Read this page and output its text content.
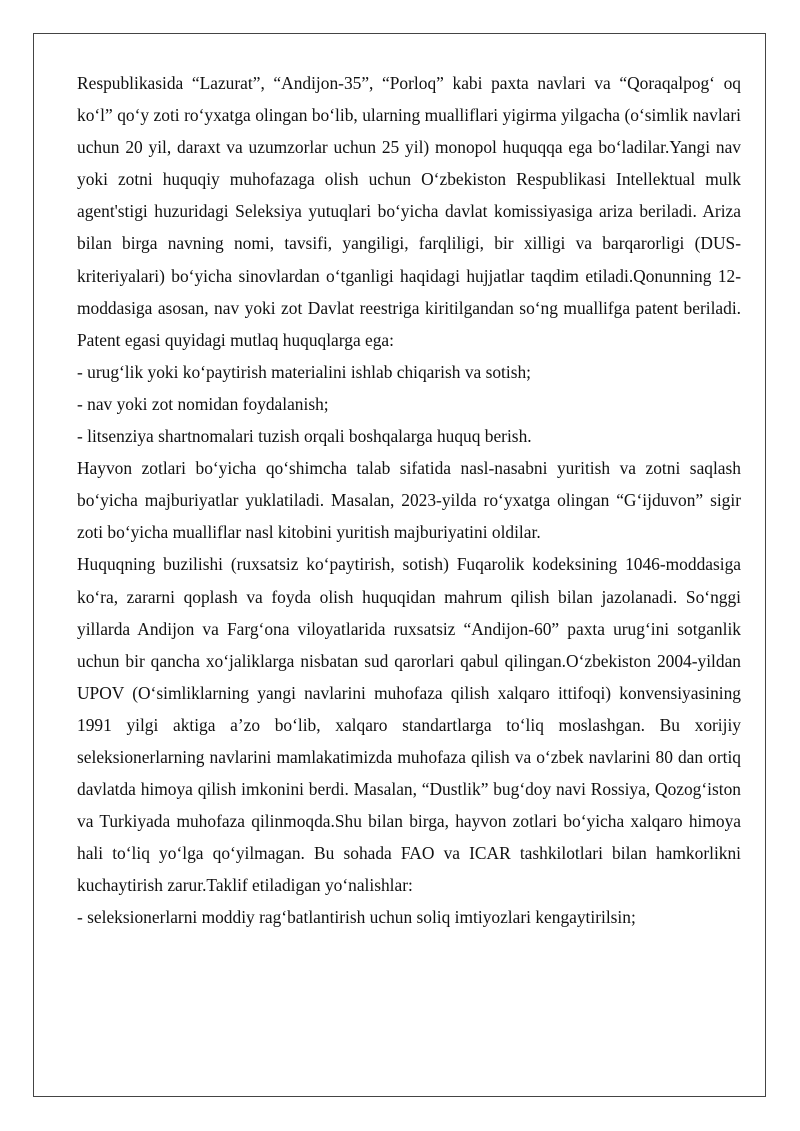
Respublikasida “Lazurat”, “Andijon-35”, “Porloq” kabi paxta navlari va “Qoraqalpog‘ oq ko‘l” qo‘y zoti ro‘yxatga olingan bo‘lib, ularning mualliflari yigirma yilgacha (o‘simlik navlari uchun 20 yil, daraxt va uzumzorlar uchun 25 yil) monopol huquqqa ega bo‘ladilar.Yangi nav yoki zotni huquqiy muhofazaga olish uchun O‘zbekiston Respublikasi Intellektual mulk agent'stigi huzuridagi Seleksiya yutuqlari bo‘yicha davlat komissiyasiga ariza beriladi. Ariza bilan birga navning nomi, tavsifi, yangiligi, farqliligi, bir xilligi va barqarorligi (DUS-kriteriyalari) bo‘yicha sinovlardan o‘tganligi haqidagi hujjatlar taqdim etiladi.Qonunning 12-moddasiga asosan, nav yoki zot Davlat reestriga kiritilgandan so‘ng muallifga patent beriladi. Patent egasi quyidagi mutlaq huquqlarga ega:

- urug‘lik yoki ko‘paytirish materialini ishlab chiqarish va sotish;

- nav yoki zot nomidan foydalanish;

- litsenziya shartnomalari tuzish orqali boshqalarga huquq berish.

Hayvon zotlari bo‘yicha qo‘shimcha talab sifatida nasl-nasabni yuritish va zotni saqlash bo‘yicha majburiyatlar yuklatiladi. Masalan, 2023-yilda ro‘yxatga olingan “G‘ijduvon” sigir zoti bo‘yicha mualliflar nasl kitobini yuritish majburiyatini oldilar.

Huquqning buzilishi (ruxsatsiz ko‘paytirish, sotish) Fuqarolik kodeksining 1046-moddasiga ko‘ra, zararni qoplash va foyda olish huquqidan mahrum qilish bilan jazolanadi. So‘nggi yillarda Andijon va Farg‘ona viloyatlarida ruxsatsiz “Andijon-60” paxta urug‘ini sotganlik uchun bir qancha xo‘jaliklarga nisbatan sud qarorlari qabul qilingan.O‘zbekiston 2004-yildan UPOV (O‘simliklarning yangi navlarini muhofaza qilish xalqaro ittifoqi) konvensiyasining 1991 yilgi aktiga a’zo bo‘lib, xalqaro standartlarga to‘liq moslashgan. Bu xorijiy seleksionerlarning navlarini mamlakatimizda muhofaza qilish va o‘zbek navlarini 80 dan ortiq davlatda himoya qilish imkonini berdi. Masalan, “Dustlik” bug‘doy navi Rossiya, Qozog‘iston va Turkiyada muhofaza qilinmoqda.Shu bilan birga, hayvon zotlari bo‘yicha xalqaro himoya hali to‘liq yo‘lga qo‘yilmagan. Bu sohada FAO va ICAR tashkilotlari bilan hamkorlikni kuchaytirish zarur.Taklif etiladigan yo‘nalishlar:

- seleksionerlarni moddiy rag‘batlantirish uchun soliq imtiyozlari kengaytirilsin;
